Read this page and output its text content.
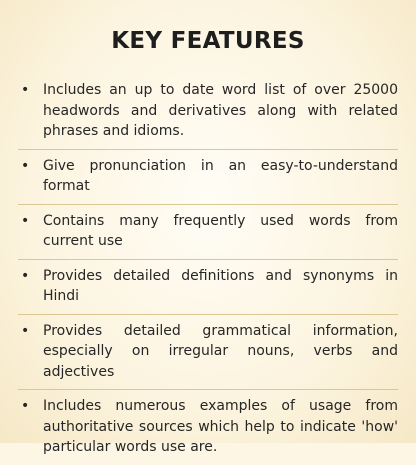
KEY FEATURES
• Includes an up to date word list of over 25000 headwords and derivatives along with related phrases and idioms.
• Give pronunciation in an easy-to-understand format
• Contains many frequently used words from current use
• Provides detailed definitions and synonyms in Hindi
• Provides detailed grammatical information, especially on irregular nouns, verbs and adjectives
• Includes numerous examples of usage from authoritative sources which help to indicate 'how' particular words use are.
